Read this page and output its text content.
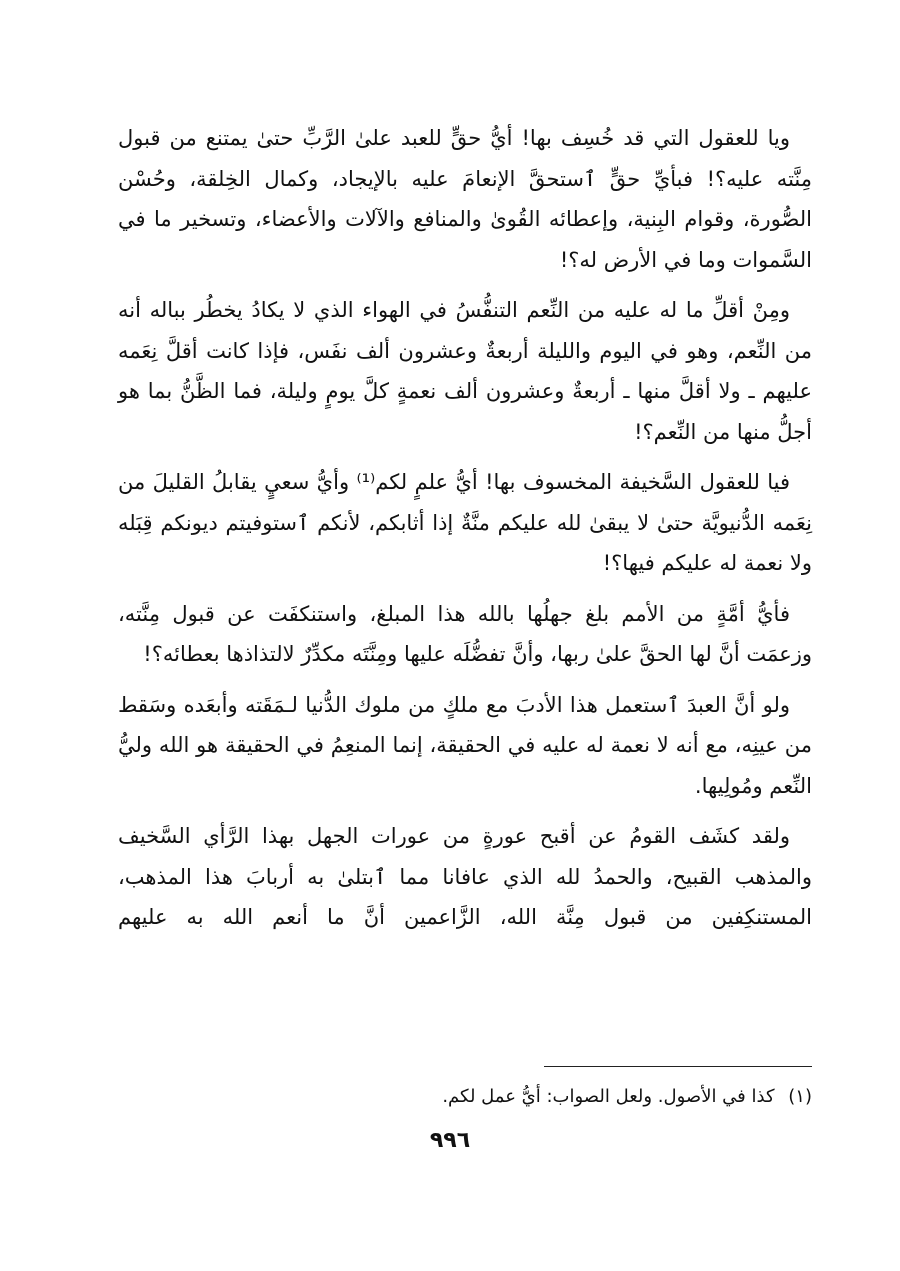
ويا للعقول التي قد خُسِف بها! أيُّ حقٍّ للعبد علىٰ الرَّبِّ حتىٰ يمتنع من قبول مِنَّته عليه؟! فبأيِّ حقٍّ ٱستحقَّ الإنعامَ عليه بالإيجاد، وكمال الخِلقة، وحُسْن الصُّورة، وقوام البِنية، وإعطائه القُوىٰ والمنافع والآلات والأعضاء، وتسخير ما في السَّموات وما في الأرض له؟!

ومِنْ أقلِّ ما له عليه من النِّعم التنفُّسُ في الهواء الذي لا يكادُ يخطُر بباله أنه من النِّعم، وهو في اليوم والليلة أربعةٌ وعشرون ألف نفَس، فإذا كانت أقلَّ نِعَمه عليهم ـ ولا أقلَّ منها ـ أربعةٌ وعشرون ألف نعمةٍ كلَّ يومٍ وليلة، فما الظَّنُّ بما هو أجلُّ منها من النِّعم؟!

فيا للعقول السَّخيفة المخسوف بها! أيُّ علمٍ لكم⁽¹⁾ وأيُّ سعيٍ يقابلُ القليلَ من نِعَمه الدُّنيويَّة حتىٰ لا يبقىٰ لله عليكم منَّةٌ إذا أثابكم، لأنكم ٱستوفيتم ديونكم قِبَله ولا نعمة له عليكم فيها؟!

فأيُّ أمَّةٍ من الأمم بلغ جهلُها بالله هذا المبلغ، واستنكفَت عن قبول مِنَّته، وزعمَت أنَّ لها الحقَّ علىٰ ربها، وأنَّ تفضُّلَه عليها ومِنَّتَه مكدِّرٌ لالتذاذها بعطائه؟!

ولو أنَّ العبدَ ٱستعمل هذا الأدبَ مع ملكٍ من ملوك الدُّنيا لـمَقَته وأبعَده وسَقط من عينِه، مع أنه لا نعمة له عليه في الحقيقة، إنما المنعِمُ في الحقيقة هو الله وليُّ النِّعم ومُولِيها.

ولقد كشَف القومُ عن أقبح عورةٍ من عورات الجهل بهذا الرَّأي السَّخيف والمذهب القبيح، والحمدُ لله الذي عافانا مما ٱبتلىٰ به أربابَ هذا المذهب، المستنكِفين من قبول مِنَّة الله، الزَّاعمين أنَّ ما أنعم الله به عليهم

(١) كذا في الأصول. ولعل الصواب: أيُّ عمل لكم.
٩٩٦
